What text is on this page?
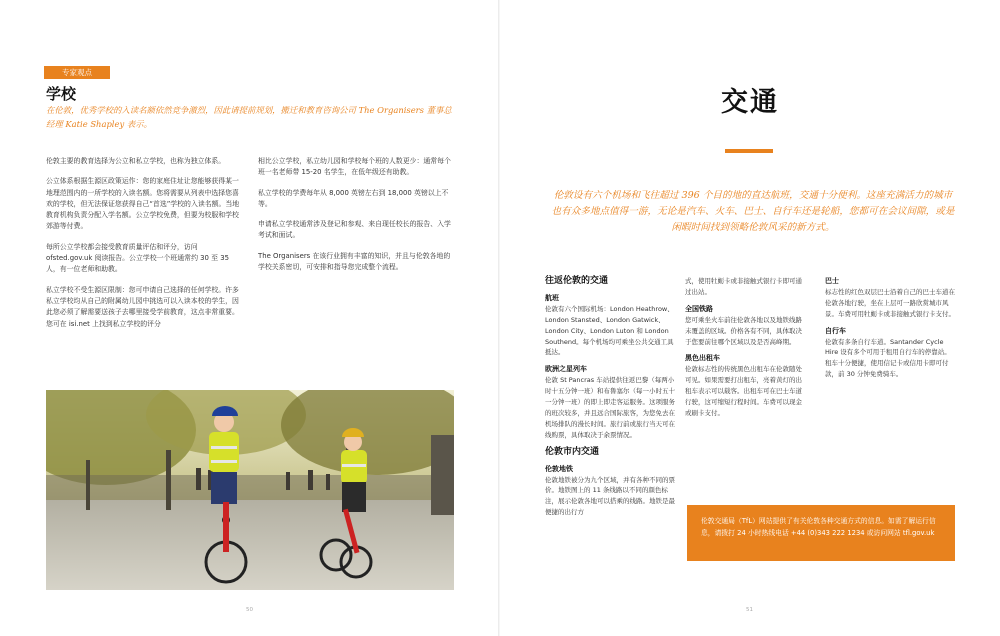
专家观点
学校
在伦敦，优秀学校的入读名额依然竞争激烈，因此请提前规划，搬迁和教育咨询公司 The Organisers 董事总经理 Katie Shapley 表示。

伦敦主要的教育选择为公立和私立学校，也称为独立体系。

公立体系根据生源区政策运作：您的家庭住址让您能够获得某一地理范围内的一所学校的入读名额。您将需要从列表中选择您喜欢的学校，但无法保证您获得自己“首选”学校的入读名额。当地教育机构负责分配入学名额。公立学校免费，但要为校服和学校郊游等付费。

每所公立学校都会接受教育质量评估和评分，访问 ofsted.gov.uk 阅读报告。公立学校一个班通常约 30 至 35 人，有一位老师和助教。

私立学校不受生源区限制：您可申请自己选择的任何学校。许多私立学校均从自己的附属幼儿园中挑选可以入读本校的学生，因此您必须了解需要送孩子去哪里接受学前教育，这点非常重要。您可在 isi.net 上找到私立学校的评分

相比公立学校，私立幼儿园和学校每个班的人数更少：通常每个班一名老师带 15-20 名学生，在低年级还有助教。

私立学校的学费每年从 8,000 英镑左右到 18,000 英镑以上不等。

申请私立学校通常涉及登记和参观、来自现任校长的报告、入学考试和面试。

The Organisers 在该行业拥有丰富的知识，并且与伦敦各地的学校关系密切，可安排和指导您完成整个流程。

50
交通
伦敦设有六个机场和飞往超过 396 个目的地的直达航班，交通十分便利。这座充满活力的城市也有众多地点值得一游，无论是汽车、火车、巴士、自行车还是轮船，您都可在会议间隙，或是闲暇时间找到领略伦敦风采的新方式。
往返伦敦的交通
航班
伦敦有六个国际机场：London Heathrow、London Stansted、London Gatwick、London City、London Luton 和 London Southend。每个机场均可乘坐公共交通工具抵达。
欧洲之星列车
伦敦 St Pancras 车站提供往返巴黎（每两小时十五分钟一班）和布鲁塞尔（每一小时五十一分钟一班）的即上即走客运服务。这项服务的班次较多，并且远合国际旅客，为您免去在机场排队的漫长时间。旅行前或旅行当天可在线购票，具体取决于余票情况。
伦敦市内交通
伦敦地铁
伦敦地铁被分为九个区域，并有各种不同的票价。地铁图上的 11 条线路以不同的颜色标注，展示伦敦各地可以搭乘的线路。地铁是最便捷的出行方
式，使用牡蛎卡或非接触式银行卡即可通过出站。
全国铁路
您可乘坐火车前往伦敦各地以及地铁线路未覆盖的区域。价格各有不同，具体取决于您要前往哪个区域以及是否高峰期。
黑色出租车
伦敦标志性的传统黑色出租车在伦敦随处可见。如果需要打出租车，亮着黄灯的出租车表示可以载客。出租车可在巴士车道行驶，这可缩短行程时间。车费可以现金或刷卡支付。
巴士
标志性的红色双层巴士沿着自己的巴士车道在伦敦各地行驶，坐在上层可一路欣赏城市风景。车费可用牡蛎卡或非接触式银行卡支付。
自行车
伦敦有多条自行车道。Santander Cycle Hire 设有多个可用于租用自行车的停靠站。租车十分便捷，使用信记卡或信用卡即可付款，前 30 分钟免费骑车。
伦敦交通局（TfL）网站提供了有关伦敦各种交通方式的信息。如需了解运行信息，请拨打 24 小时热线电话 +44 (0)343 222 1234 或访问网站 tfl.gov.uk
51
